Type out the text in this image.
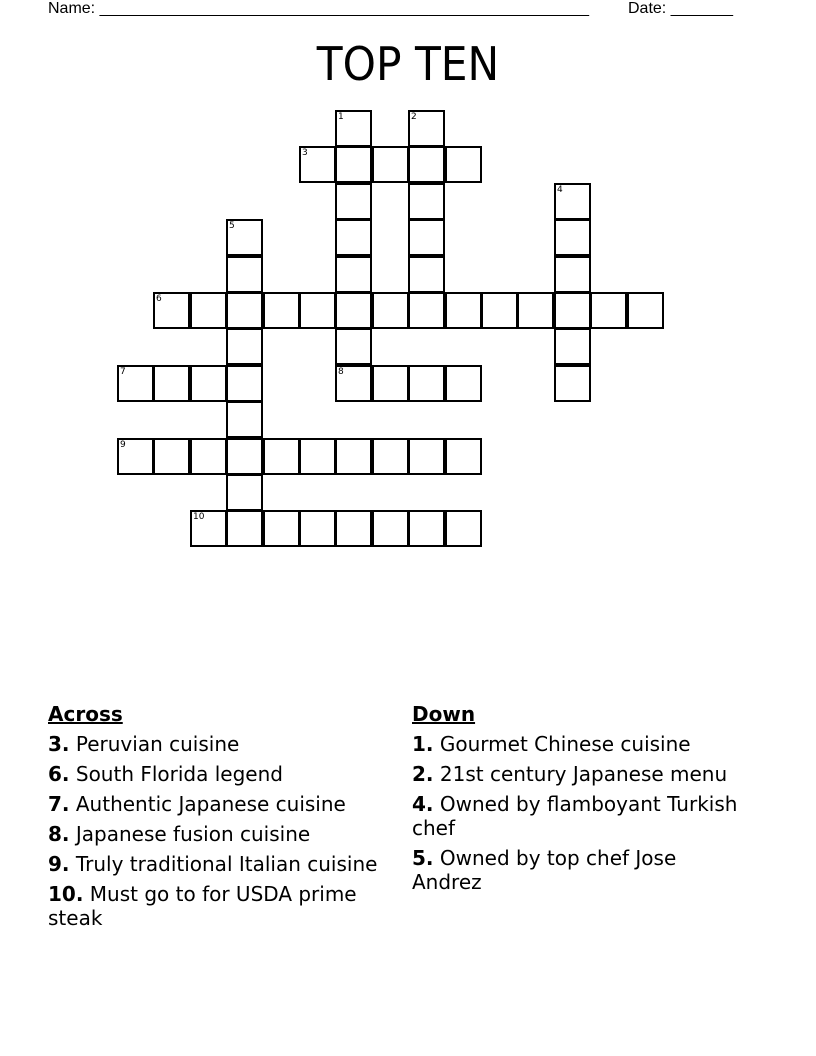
Name: _______________________________________________________ Date: _______
TOP TEN
1	2
3
4
5
6
7	8
9
10
Across
3. Peruvian cuisine
6. South Florida legend
7. Authentic Japanese cuisine
8. Japanese fusion cuisine
9. Truly traditional Italian cuisine
10. Must go to for USDA prime steak
Down
1. Gourmet Chinese cuisine
2. 21st century Japanese menu
4. Owned by flamboyant Turkish chef
5. Owned by top chef Jose Andrez
